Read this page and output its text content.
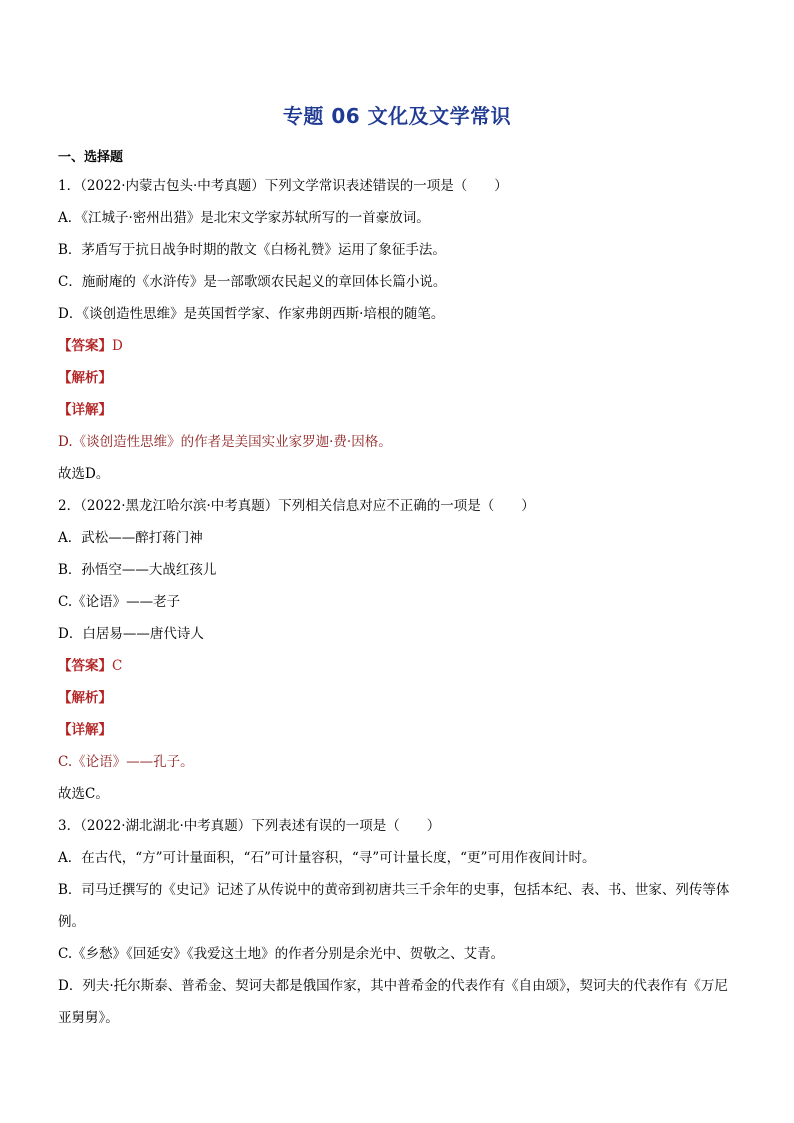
专题 06 文化及文学常识
一、选择题
1．（2022·内蒙古包头·中考真题）下列文学常识表述错误的一项是（　　）
A．《江城子·密州出猎》是北宋文学家苏轼所写的一首豪放词。
B．茅盾写于抗日战争时期的散文《白杨礼赞》运用了象征手法。
C．施耐庵的《水浒传》是一部歌颂农民起义的章回体长篇小说。
D．《谈创造性思维》是英国哲学家、作家弗朗西斯·培根的随笔。
【答案】D
【解析】
【详解】
D.《谈创造性思维》的作者是美国实业家罗迦·费·因格。
故选D。
2．（2022·黑龙江哈尔滨·中考真题）下列相关信息对应不正确的一项是（　　）
A．武松——醉打蒋门神
B．孙悟空——大战红孩儿
C.《论语》——老子
D．白居易——唐代诗人
【答案】C
【解析】
【详解】
C.《论语》——孔子。
故选C。
3．（2022·湖北湖北·中考真题）下列表述有误的一项是（　　）
A．在古代，“方”可计量面积，“石”可计量容积，“寻”可计量长度，“更”可用作夜间计时。
B．司马迁撰写的《史记》记述了从传说中的黄帝到初唐共三千余年的史事，包括本纪、表、书、世家、列传等体例。
C.《乡愁》《回延安》《我爱这土地》的作者分别是余光中、贺敬之、艾青。
D．列夫·托尔斯泰、普希金、契诃夫都是俄国作家，其中普希金的代表作有《自由颂》，契诃夫的代表作有《万尼亚舅舅》。
